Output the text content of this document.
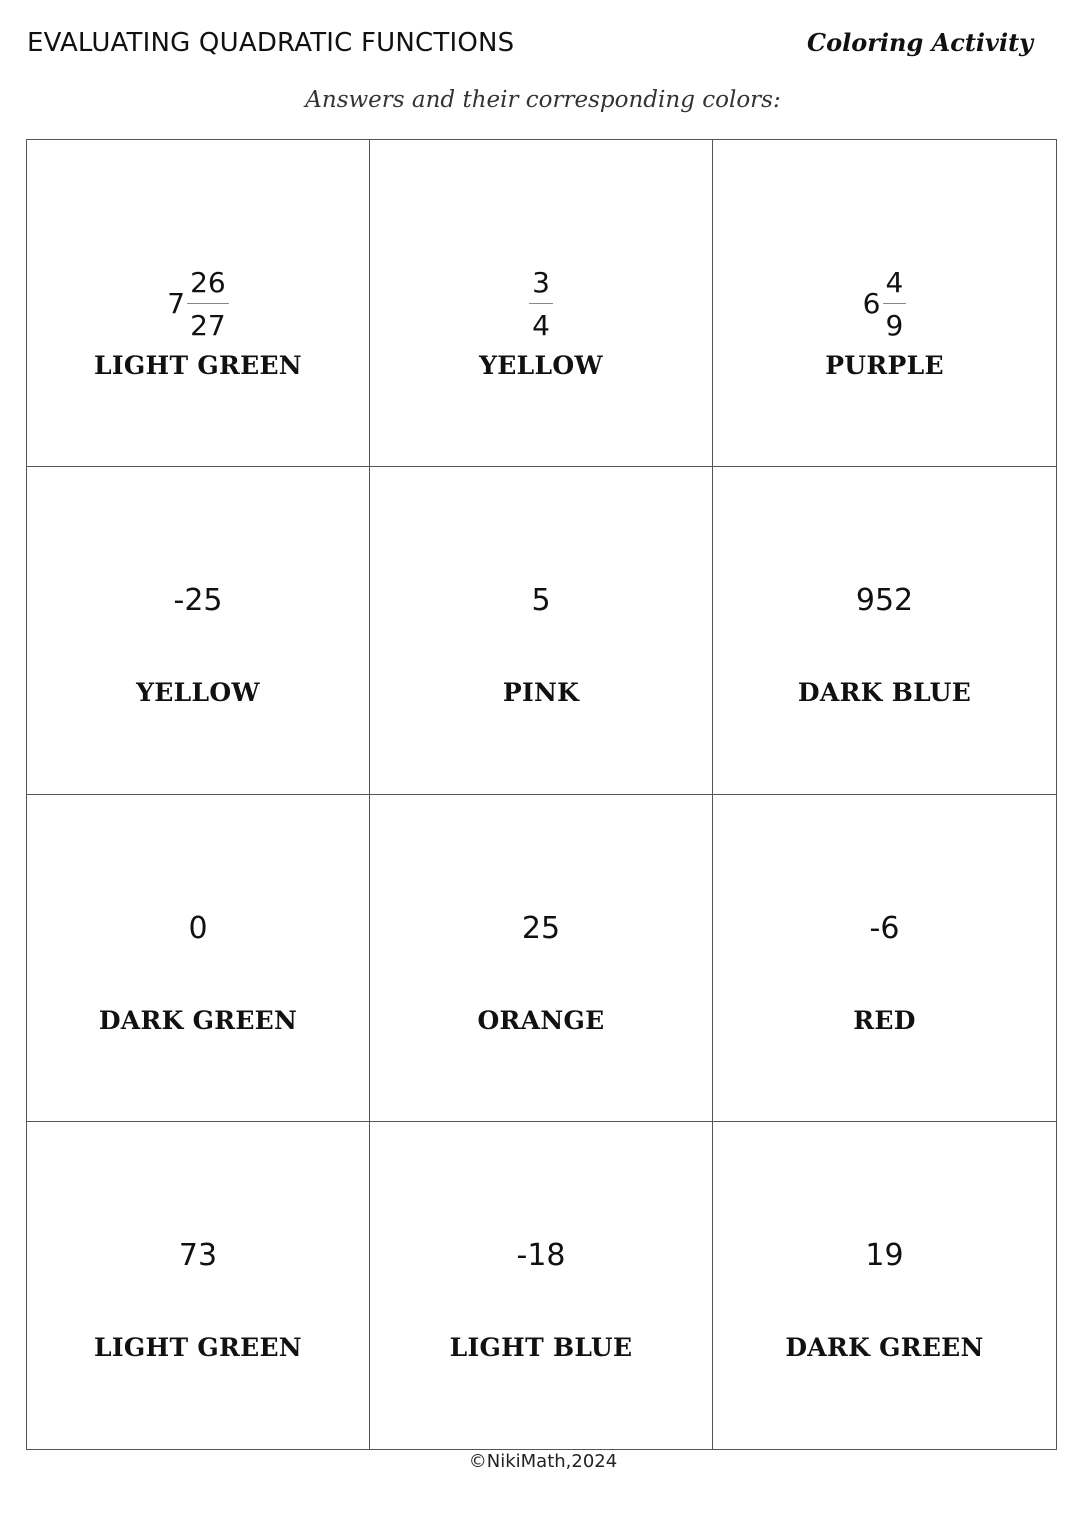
EVALUATING QUADRATIC FUNCTIONS	Coloring Activity
Answers and their corresponding colors:
$7 \frac{26}{27}$
LIGHT GREEN
$\frac{3}{4}$
YELLOW
$6 \frac{4}{9}$
PURPLE
-25
YELLOW
5
PINK
952
DARK BLUE
0
DARK GREEN
25
ORANGE
-6
RED
73
LIGHT GREEN
-18
LIGHT BLUE
19
DARK GREEN
©NikiMath,2024
